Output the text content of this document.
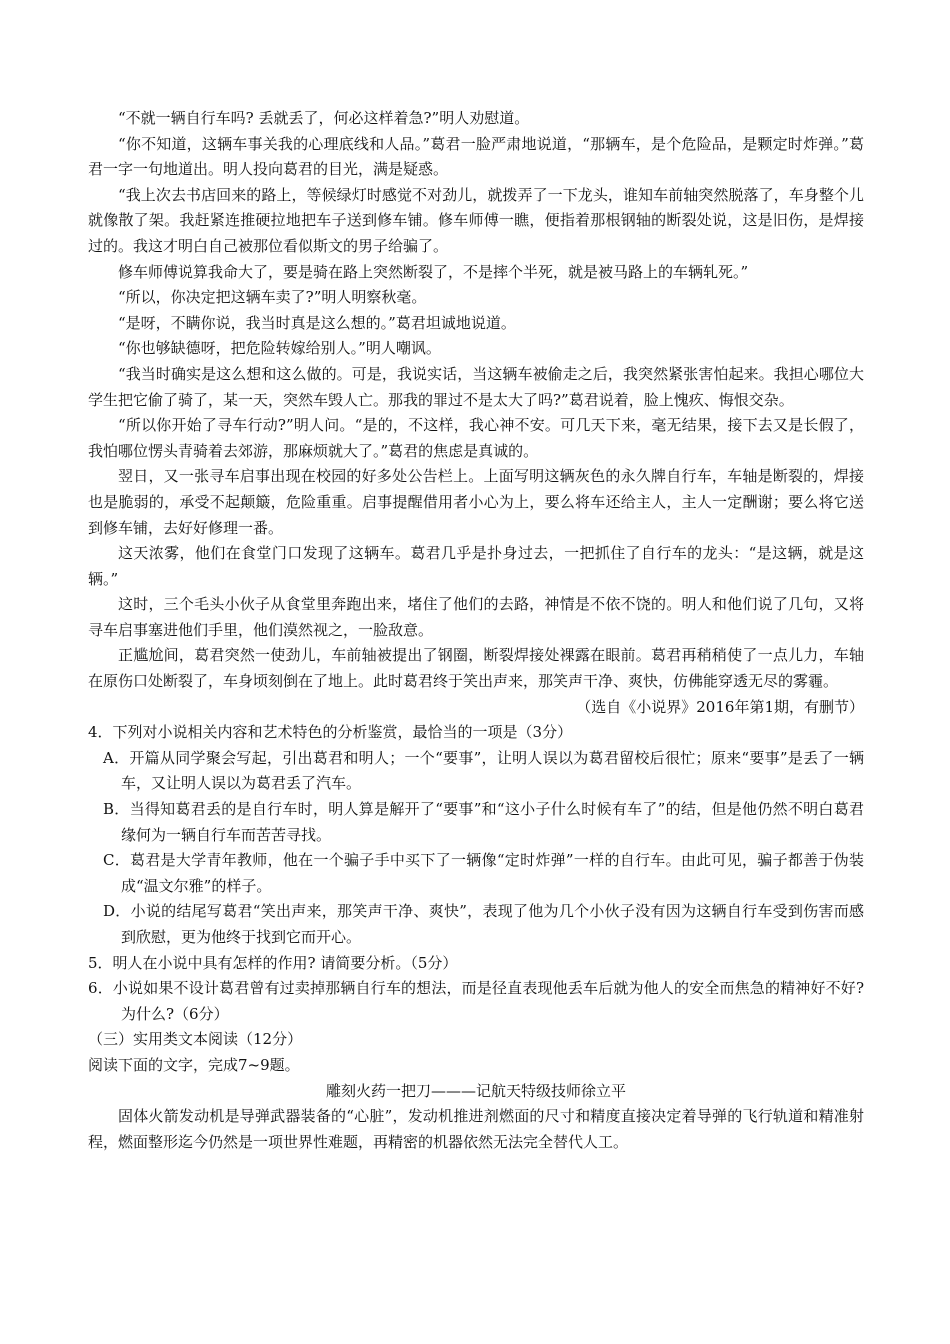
“不就一辆自行车吗? 丢就丢了，何必这样着急?”明人劝慰道。

“你不知道，这辆车事关我的心理底线和人品。”葛君一脸严肃地说道，“那辆车，是个危险品，是颗定时炸弹。”葛君一字一句地道出。明人投向葛君的目光，满是疑惑。

“我上次去书店回来的路上，等候绿灯时感觉不对劲儿，就拨弄了一下龙头，谁知车前轴突然脱落了，车身整个儿就像散了架。我赶紧连推硬拉地把车子送到修车铺。修车师傅一瞧，便指着那根钢轴的断裂处说，这是旧伤，是焊接过的。我这才明白自己被那位看似斯文的男子给骗了。

修车师傅说算我命大了，要是骑在路上突然断裂了，不是摔个半死，就是被马路上的车辆轧死。”

“所以，你决定把这辆车卖了?”明人明察秋毫。

“是呀，不瞒你说，我当时真是这么想的。”葛君坦诚地说道。

“你也够缺德呀，把危险转嫁给别人。”明人嘲讽。

“我当时确实是这么想和这么做的。可是，我说实话，当这辆车被偷走之后，我突然紧张害怕起来。我担心哪位大学生把它偷了骑了，某一天，突然车毁人亡。那我的罪过不是太大了吗?”葛君说着，脸上愧疚、悔恨交杂。

“所以你开始了寻车行动?”明人问。“是的，不这样，我心神不安。可几天下来，毫无结果，接下去又是长假了，我怕哪位愣头青骑着去郊游，那麻烦就大了。”葛君的焦虑是真诚的。

翌日，又一张寻车启事出现在校园的好多处公告栏上。上面写明这辆灰色的永久牌自行车，车轴是断裂的，焊接也是脆弱的，承受不起颠簸，危险重重。启事提醒借用者小心为上，要么将车还给主人，主人一定酬谢；要么将它送到修车铺，去好好修理一番。

这天浓雾，他们在食堂门口发现了这辆车。葛君几乎是扑身过去，一把抓住了自行车的龙头：“是这辆，就是这辆。”

这时，三个毛头小伙子从食堂里奔跑出来，堵住了他们的去路，神情是不依不饶的。明人和他们说了几句，又将寻车启事塞进他们手里，他们漠然视之，一脸敌意。

正尴尬间，葛君突然一使劲儿，车前轴被提出了钢圈，断裂焊接处裸露在眼前。葛君再稍稍使了一点儿力，车轴在原伤口处断裂了，车身顷刻倒在了地上。此时葛君终于笑出声来，那笑声干净、爽快，仿佛能穿透无尽的雾霾。

（选自《小说界》2016年第1期，有删节）

4．下列对小说相关内容和艺术特色的分析鉴赏，最恰当的一项是（3分）

A．开篇从同学聚会写起，引出葛君和明人；一个“要事”，让明人误以为葛君留校后很忙；原来“要事”是丢了一辆车，又让明人误以为葛君丢了汽车。

B．当得知葛君丢的是自行车时，明人算是解开了“要事”和“这小子什么时候有车了”的结，但是他仍然不明白葛君缘何为一辆自行车而苦苦寻找。

C．葛君是大学青年教师，他在一个骗子手中买下了一辆像“定时炸弹”一样的自行车。由此可见，骗子都善于伪装成“温文尔雅”的样子。

D．小说的结尾写葛君“笑出声来，那笑声干净、爽快”，表现了他为几个小伙子没有因为这辆自行车受到伤害而感到欣慰，更为他终于找到它而开心。

5．明人在小说中具有怎样的作用? 请简要分析。（5分）

6．小说如果不设计葛君曾有过卖掉那辆自行车的想法，而是径直表现他丢车后就为他人的安全而焦急的精神好不好? 为什么?（6分）

（三）实用类文本阅读（12分）

阅读下面的文字，完成7~9题。

雕刻火药一把刀———记航天特级技师徐立平

固体火箭发动机是导弹武器装备的“心脏”，发动机推进剂燃面的尺寸和精度直接决定着导弹的飞行轨道和精准射程，燃面整形迄今仍然是一项世界性难题，再精密的机器依然无法完全替代人工。
